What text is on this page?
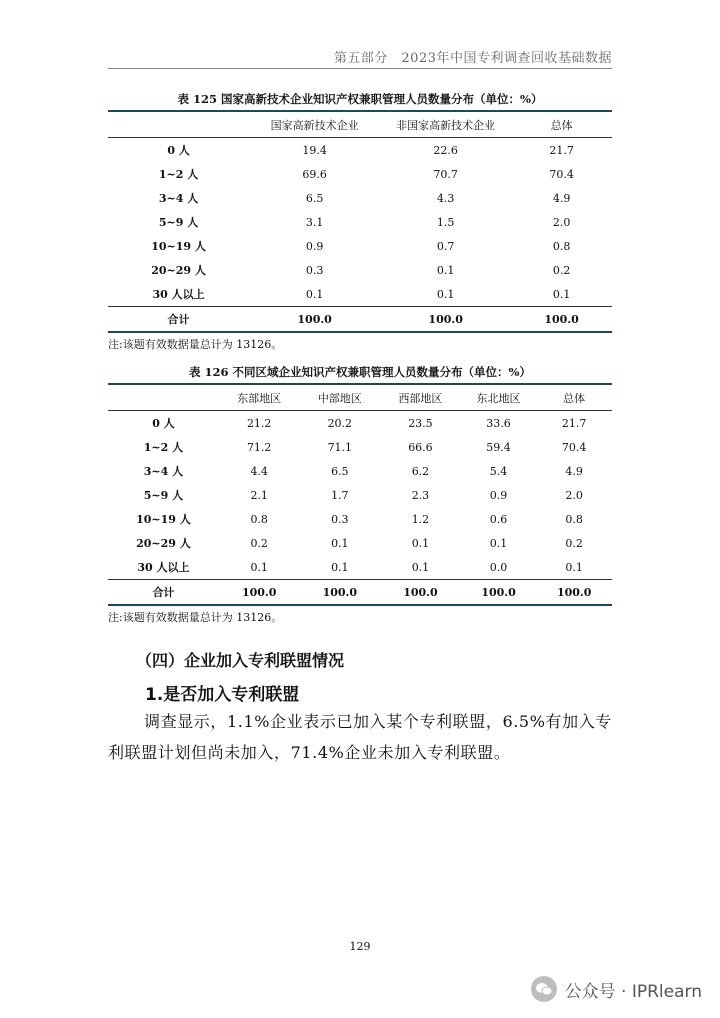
第五部分　2023年中国专利调查回收基础数据
表 125 国家高新技术企业知识产权兼职管理人员数量分布（单位：%）
	国家高新技术企业	非国家高新技术企业	总体
0 人	19.4	22.6	21.7
1~2 人	69.6	70.7	70.4
3~4 人	6.5	4.3	4.9
5~9 人	3.1	1.5	2.0
10~19 人	0.9	0.7	0.8
20~29 人	0.3	0.1	0.2
30 人以上	0.1	0.1	0.1
合计	100.0	100.0	100.0
注:该题有效数据量总计为 13126。
表 126 不同区域企业知识产权兼职管理人员数量分布（单位：%）
	东部地区	中部地区	西部地区	东北地区	总体
0 人	21.2	20.2	23.5	33.6	21.7
1~2 人	71.2	71.1	66.6	59.4	70.4
3~4 人	4.4	6.5	6.2	5.4	4.9
5~9 人	2.1	1.7	2.3	0.9	2.0
10~19 人	0.8	0.3	1.2	0.6	0.8
20~29 人	0.2	0.1	0.1	0.1	0.2
30 人以上	0.1	0.1	0.1	0.0	0.1
合计	100.0	100.0	100.0	100.0	100.0
注:该题有效数据量总计为 13126。
（四）企业加入专利联盟情况
1.是否加入专利联盟
调查显示，1.1%企业表示已加入某个专利联盟，6.5%有加入专利联盟计划但尚未加入，71.4%企业未加入专利联盟。
129
公众号 · IPRlearn
